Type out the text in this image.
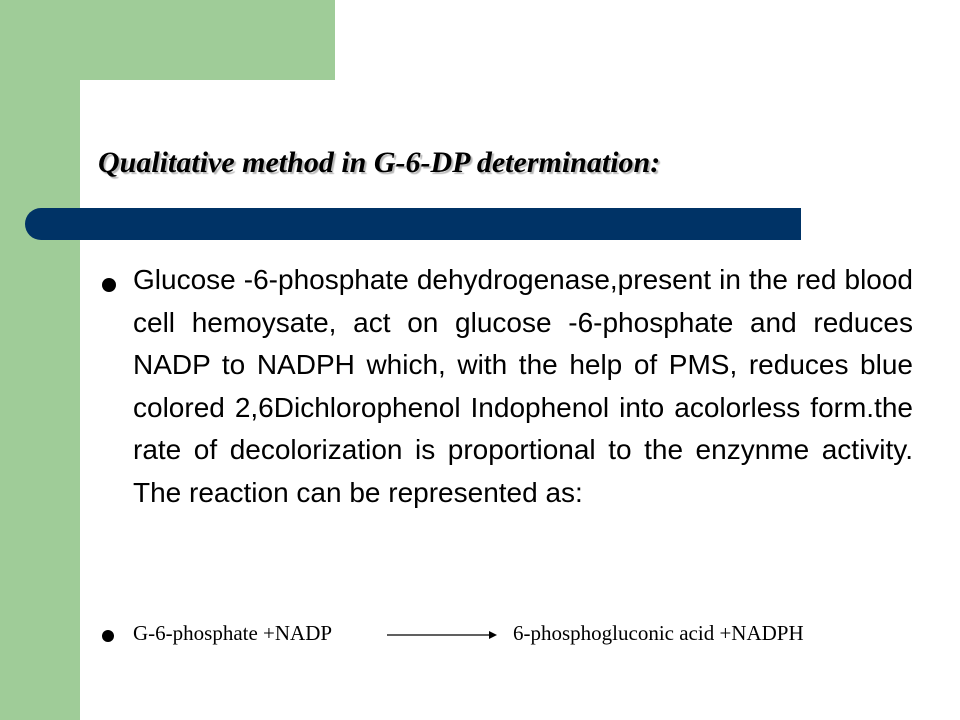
Qualitative method in G-6-DP determination:

Glucose -6-phosphate dehydrogenase,present in the red blood cell hemoysate, act on glucose -6-phosphate and reduces NADP to NADPH which, with the help of PMS, reduces blue colored 2,6Dichlorophenol Indophenol into acolorless form.the rate of decolorization is proportional to the enzynme activity. The reaction can be represented as:

G-6-phosphate +NADP	6-phosphogluconic acid +NADPH
